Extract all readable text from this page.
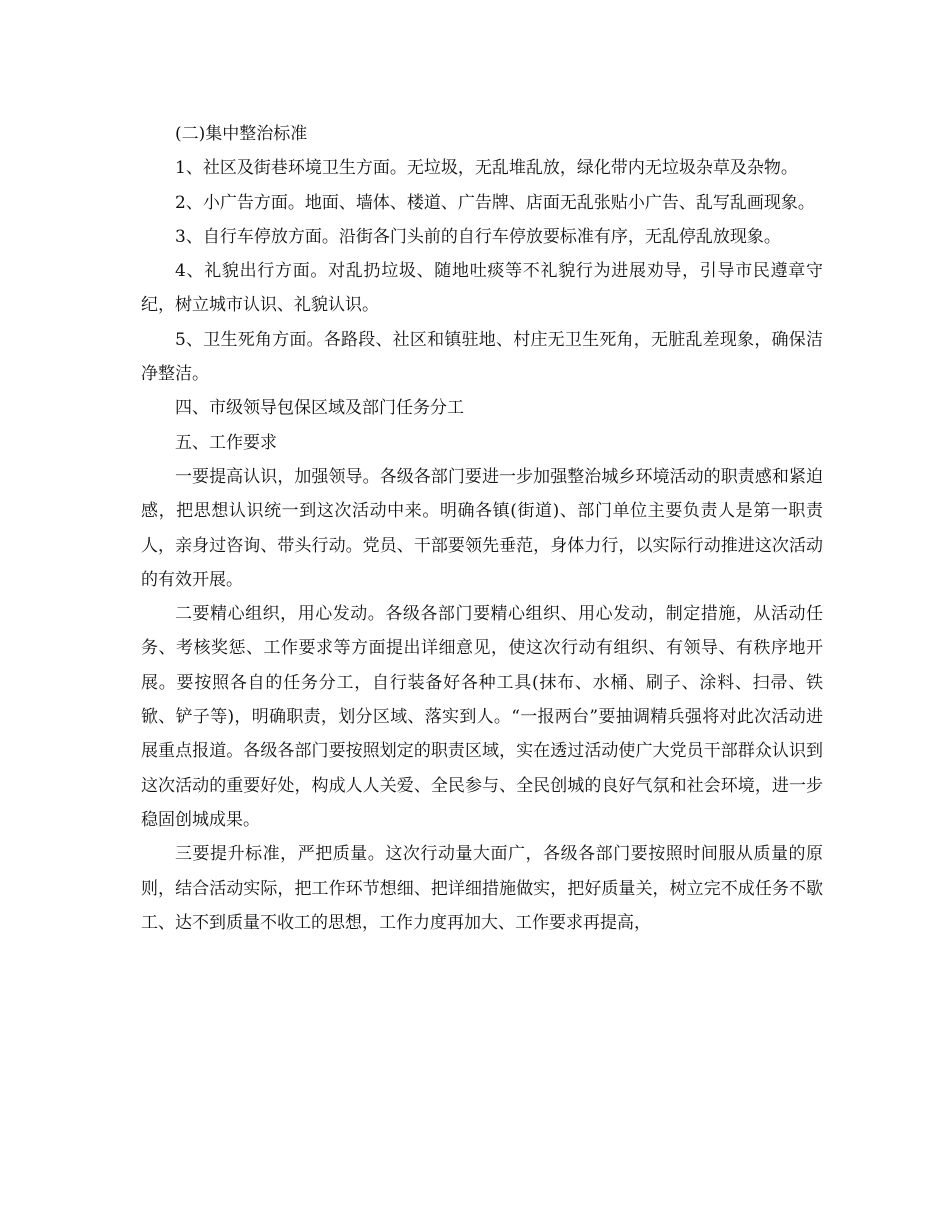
(二)集中整治标准

1、社区及街巷环境卫生方面。无垃圾，无乱堆乱放，绿化带内无垃圾杂草及杂物。

2、小广告方面。地面、墙体、楼道、广告牌、店面无乱张贴小广告、乱写乱画现象。

3、自行车停放方面。沿街各门头前的自行车停放要标准有序，无乱停乱放现象。

4、礼貌出行方面。对乱扔垃圾、随地吐痰等不礼貌行为进展劝导，引导市民遵章守纪，树立城市认识、礼貌认识。

5、卫生死角方面。各路段、社区和镇驻地、村庄无卫生死角，无脏乱差现象，确保洁净整洁。

四、市级领导包保区域及部门任务分工

五、工作要求

一要提高认识，加强领导。各级各部门要进一步加强整治城乡环境活动的职责感和紧迫感，把思想认识统一到这次活动中来。明确各镇(街道)、部门单位主要负责人是第一职责人，亲身过咨询、带头行动。党员、干部要领先垂范，身体力行，以实际行动推进这次活动的有效开展。

二要精心组织，用心发动。各级各部门要精心组织、用心发动，制定措施，从活动任务、考核奖惩、工作要求等方面提出详细意见，使这次行动有组织、有领导、有秩序地开展。要按照各自的任务分工，自行装备好各种工具(抹布、水桶、刷子、涂料、扫帚、铁锨、铲子等)，明确职责，划分区域、落实到人。“一报两台”要抽调精兵强将对此次活动进展重点报道。各级各部门要按照划定的职责区域，实在透过活动使广大党员干部群众认识到这次活动的重要好处，构成人人关爱、全民参与、全民创城的良好气氛和社会环境，进一步稳固创城成果。

三要提升标准，严把质量。这次行动量大面广，各级各部门要按照时间服从质量的原则，结合活动实际，把工作环节想细、把详细措施做实，把好质量关，树立完不成任务不歇工、达不到质量不收工的思想，工作力度再加大、工作要求再提高，
